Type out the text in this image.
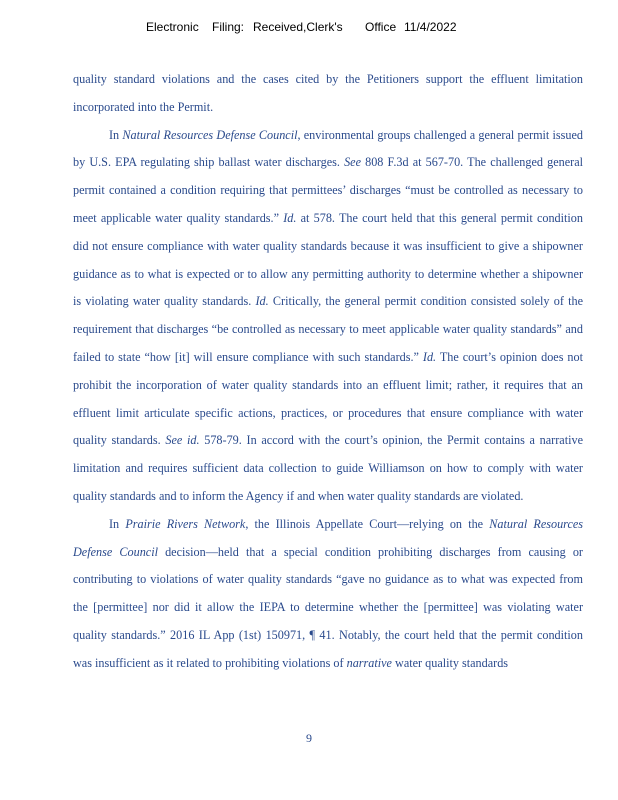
Electronic Filing: Received,Clerk's Office 11/4/2022

quality standard violations and the cases cited by the Petitioners support the effluent limitation incorporated into the Permit.

In Natural Resources Defense Council, environmental groups challenged a general permit issued by U.S. EPA regulating ship ballast water discharges. See 808 F.3d at 567-70. The challenged general permit contained a condition requiring that permittees’ discharges “must be controlled as necessary to meet applicable water quality standards.” Id. at 578. The court held that this general permit condition did not ensure compliance with water quality standards because it was insufficient to give a shipowner guidance as to what is expected or to allow any permitting authority to determine whether a shipowner is violating water quality standards. Id. Critically, the general permit condition consisted solely of the requirement that discharges “be controlled as necessary to meet applicable water quality standards” and failed to state “how [it] will ensure compliance with such standards.” Id. The court’s opinion does not prohibit the incorporation of water quality standards into an effluent limit; rather, it requires that an effluent limit articulate specific actions, practices, or procedures that ensure compliance with water quality standards. See id. 578-79. In accord with the court’s opinion, the Permit contains a narrative limitation and requires sufficient data collection to guide Williamson on how to comply with water quality standards and to inform the Agency if and when water quality standards are violated.

In Prairie Rivers Network, the Illinois Appellate Court—relying on the Natural Resources Defense Council decision—held that a special condition prohibiting discharges from causing or contributing to violations of water quality standards “gave no guidance as to what was expected from the [permittee] nor did it allow the IEPA to determine whether the [permittee] was violating water quality standards.” 2016 IL App (1st) 150971, ¶ 41. Notably, the court held that the permit condition was insufficient as it related to prohibiting violations of narrative water quality standards

9
